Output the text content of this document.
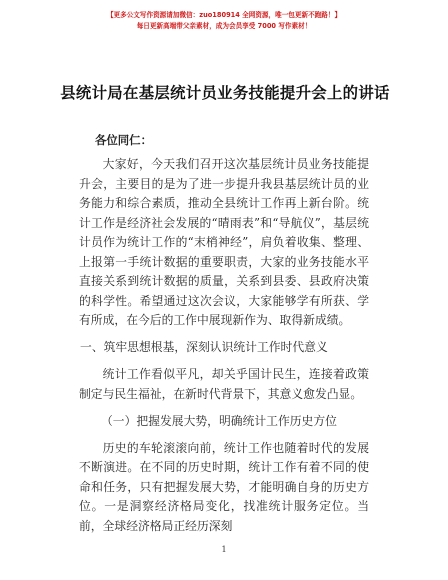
【更多公文写作资源请加微信：zuo180914 全网资源，唯一包更新不跑路！】
每日更新高端带父亲素材，成为会员享受 7000 写作素材！
县统计局在基层统计员业务技能提升会上的讲话
各位同仁：

大家好，今天我们召开这次基层统计员业务技能提升会，主要目的是为了进一步提升我县基层统计员的业务能力和综合素质，推动全县统计工作再上新台阶。统计工作是经济社会发展的“晴雨表”和“导航仪”，基层统计员作为统计工作的“末梢神经”，肩负着收集、整理、上报第一手统计数据的重要职责，大家的业务技能水平直接关系到统计数据的质量，关系到县委、县政府决策的科学性。希望通过这次会议，大家能够学有所获、学有所成，在今后的工作中展现新作为、取得新成绩。

一、筑牢思想根基，深刻认识统计工作时代意义

统计工作看似平凡，却关乎国计民生，连接着政策制定与民生福祉，在新时代背景下，其意义愈发凸显。

（一）把握发展大势，明确统计工作历史方位

历史的车轮滚滚向前，统计工作也随着时代的发展不断演进。在不同的历史时期，统计工作有着不同的使命和任务，只有把握发展大势，才能明确自身的历史方位。一是洞察经济格局变化，找准统计服务定位。当前，全球经济格局正经历深刻

1
